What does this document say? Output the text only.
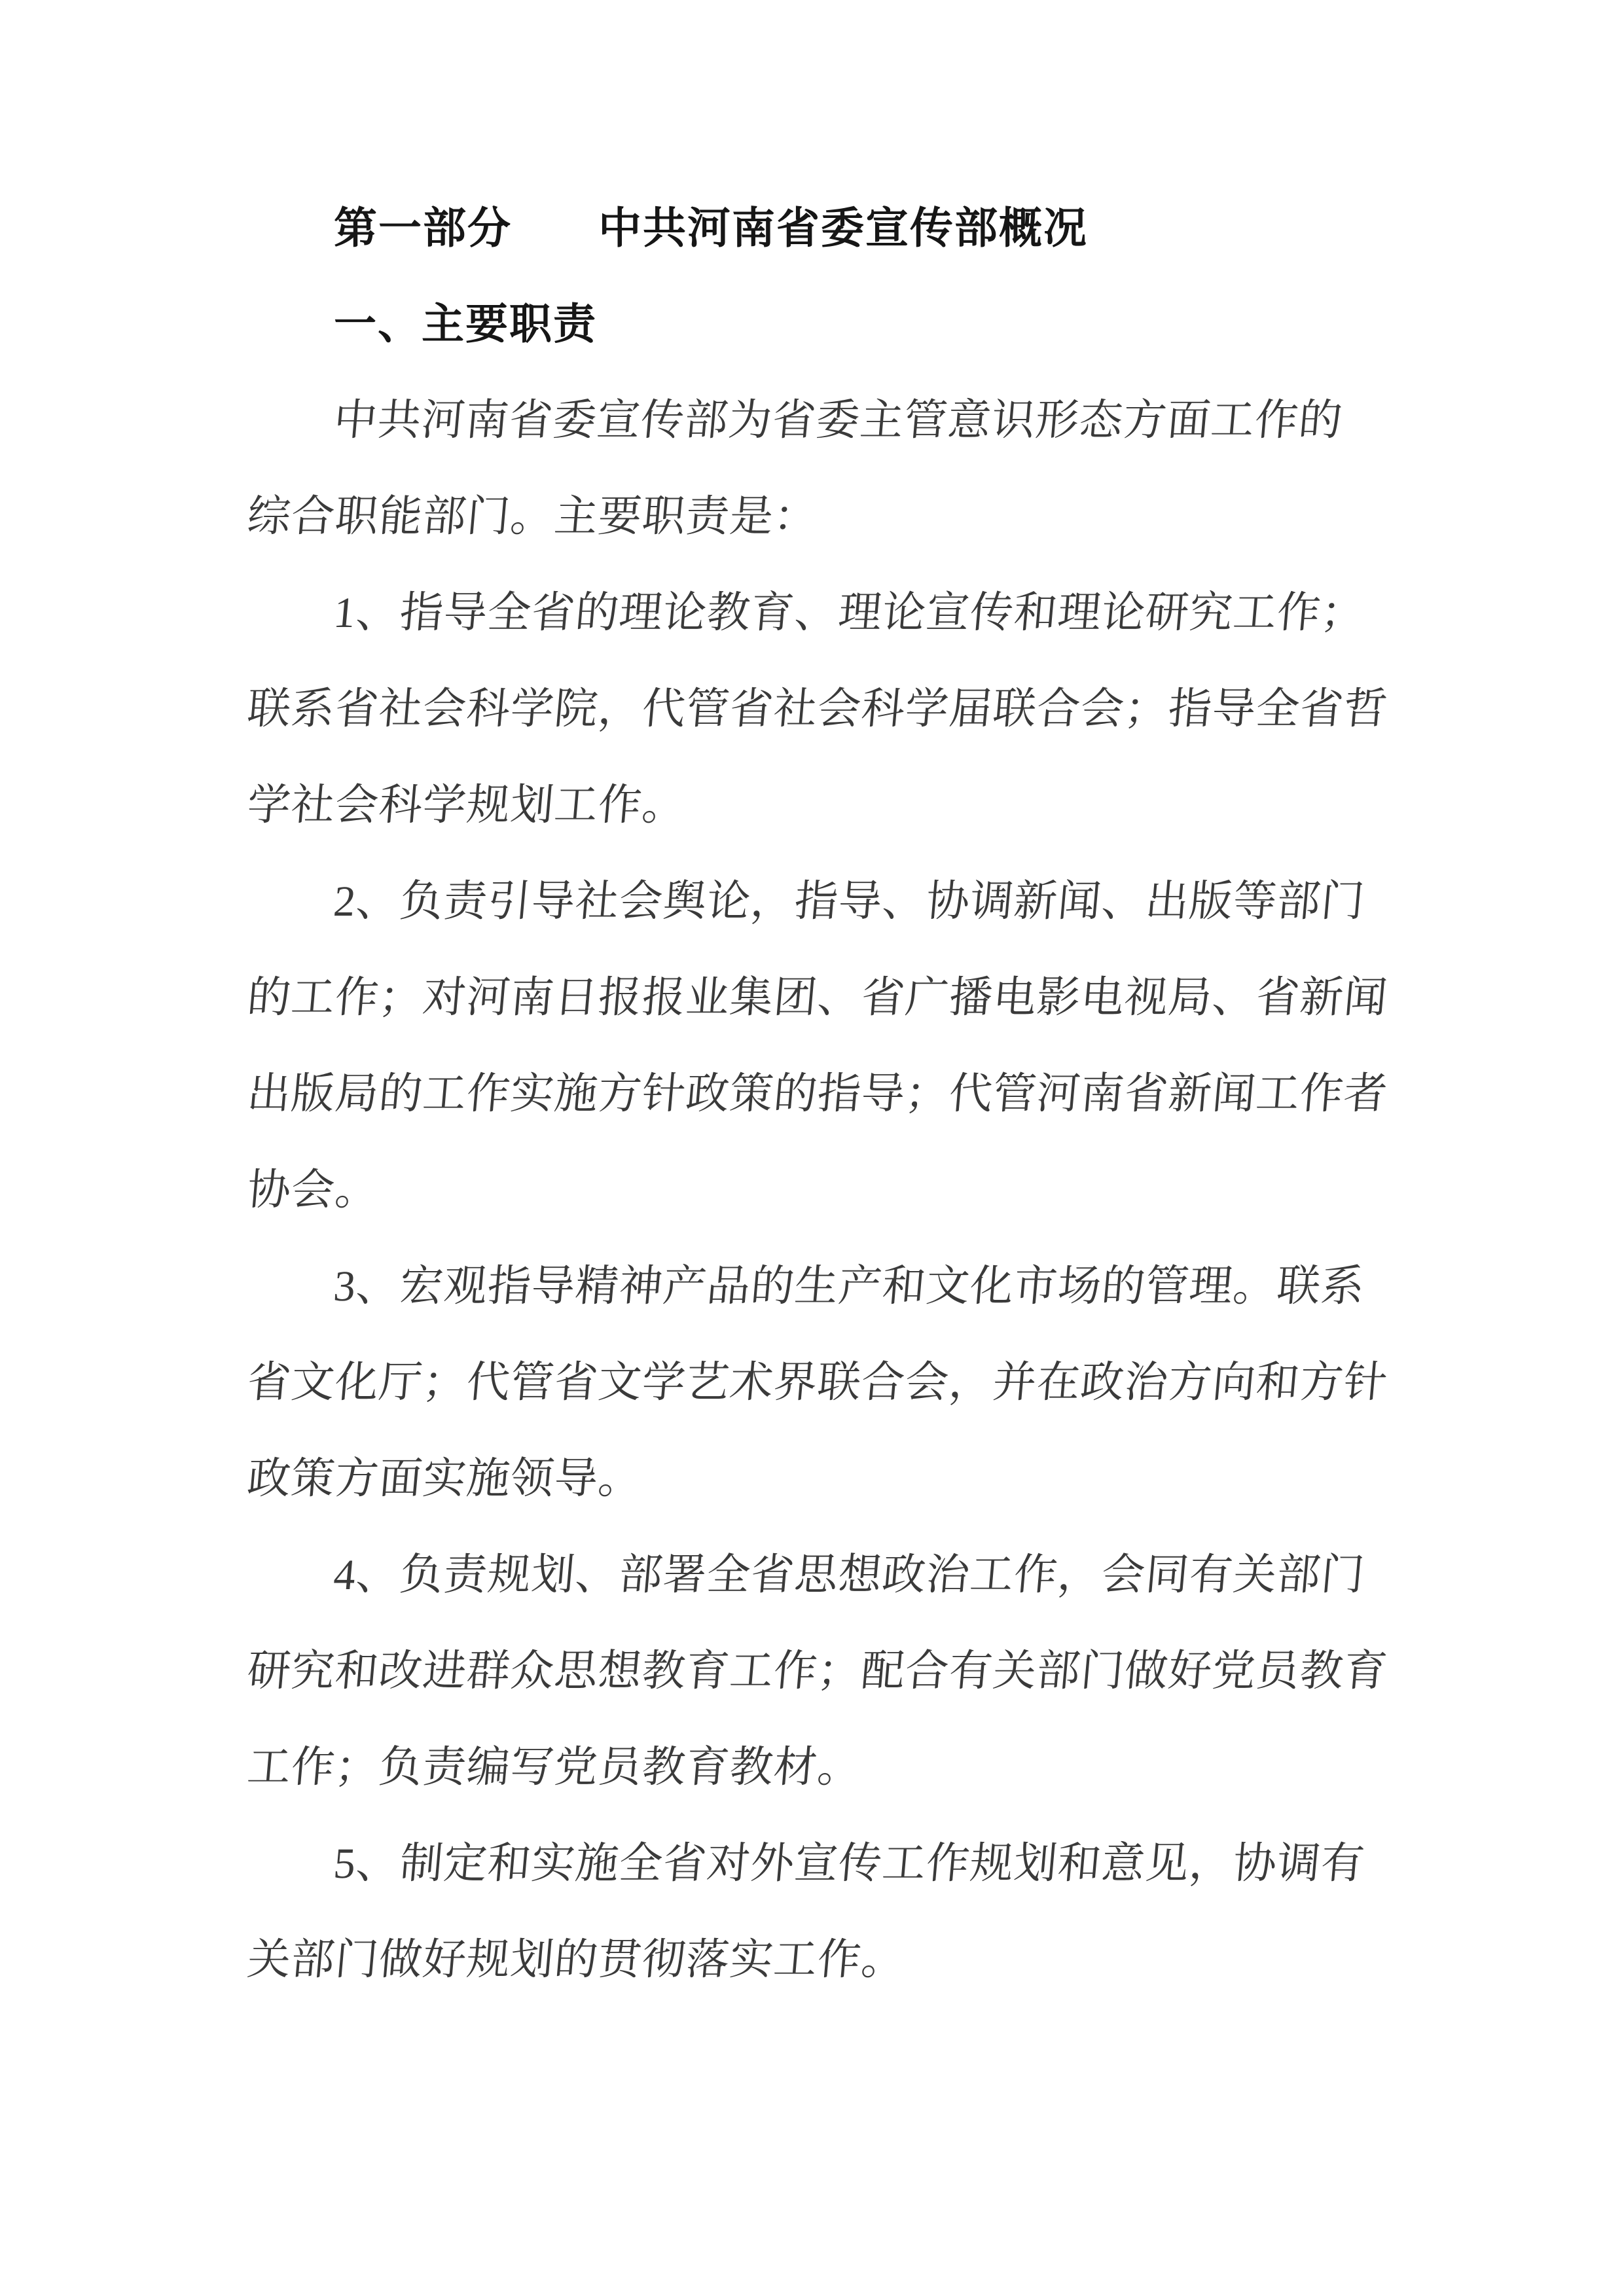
第一部分 中共河南省委宣传部概况
一、主要职责
中共河南省委宣传部为省委主管意识形态方面工作的
综合职能部门。主要职责是：
1、指导全省的理论教育、理论宣传和理论研究工作；
联系省社会科学院，代管省社会科学届联合会；指导全省哲
学社会科学规划工作。
2、负责引导社会舆论，指导、协调新闻、出版等部门
的工作；对河南日报报业集团、省广播电影电视局、省新闻
出版局的工作实施方针政策的指导；代管河南省新闻工作者
协会。
3、宏观指导精神产品的生产和文化市场的管理。联系
省文化厅；代管省文学艺术界联合会，并在政治方向和方针
政策方面实施领导。
4、负责规划、部署全省思想政治工作，会同有关部门
研究和改进群众思想教育工作；配合有关部门做好党员教育
工作；负责编写党员教育教材。
5、制定和实施全省对外宣传工作规划和意见，协调有
关部门做好规划的贯彻落实工作。
